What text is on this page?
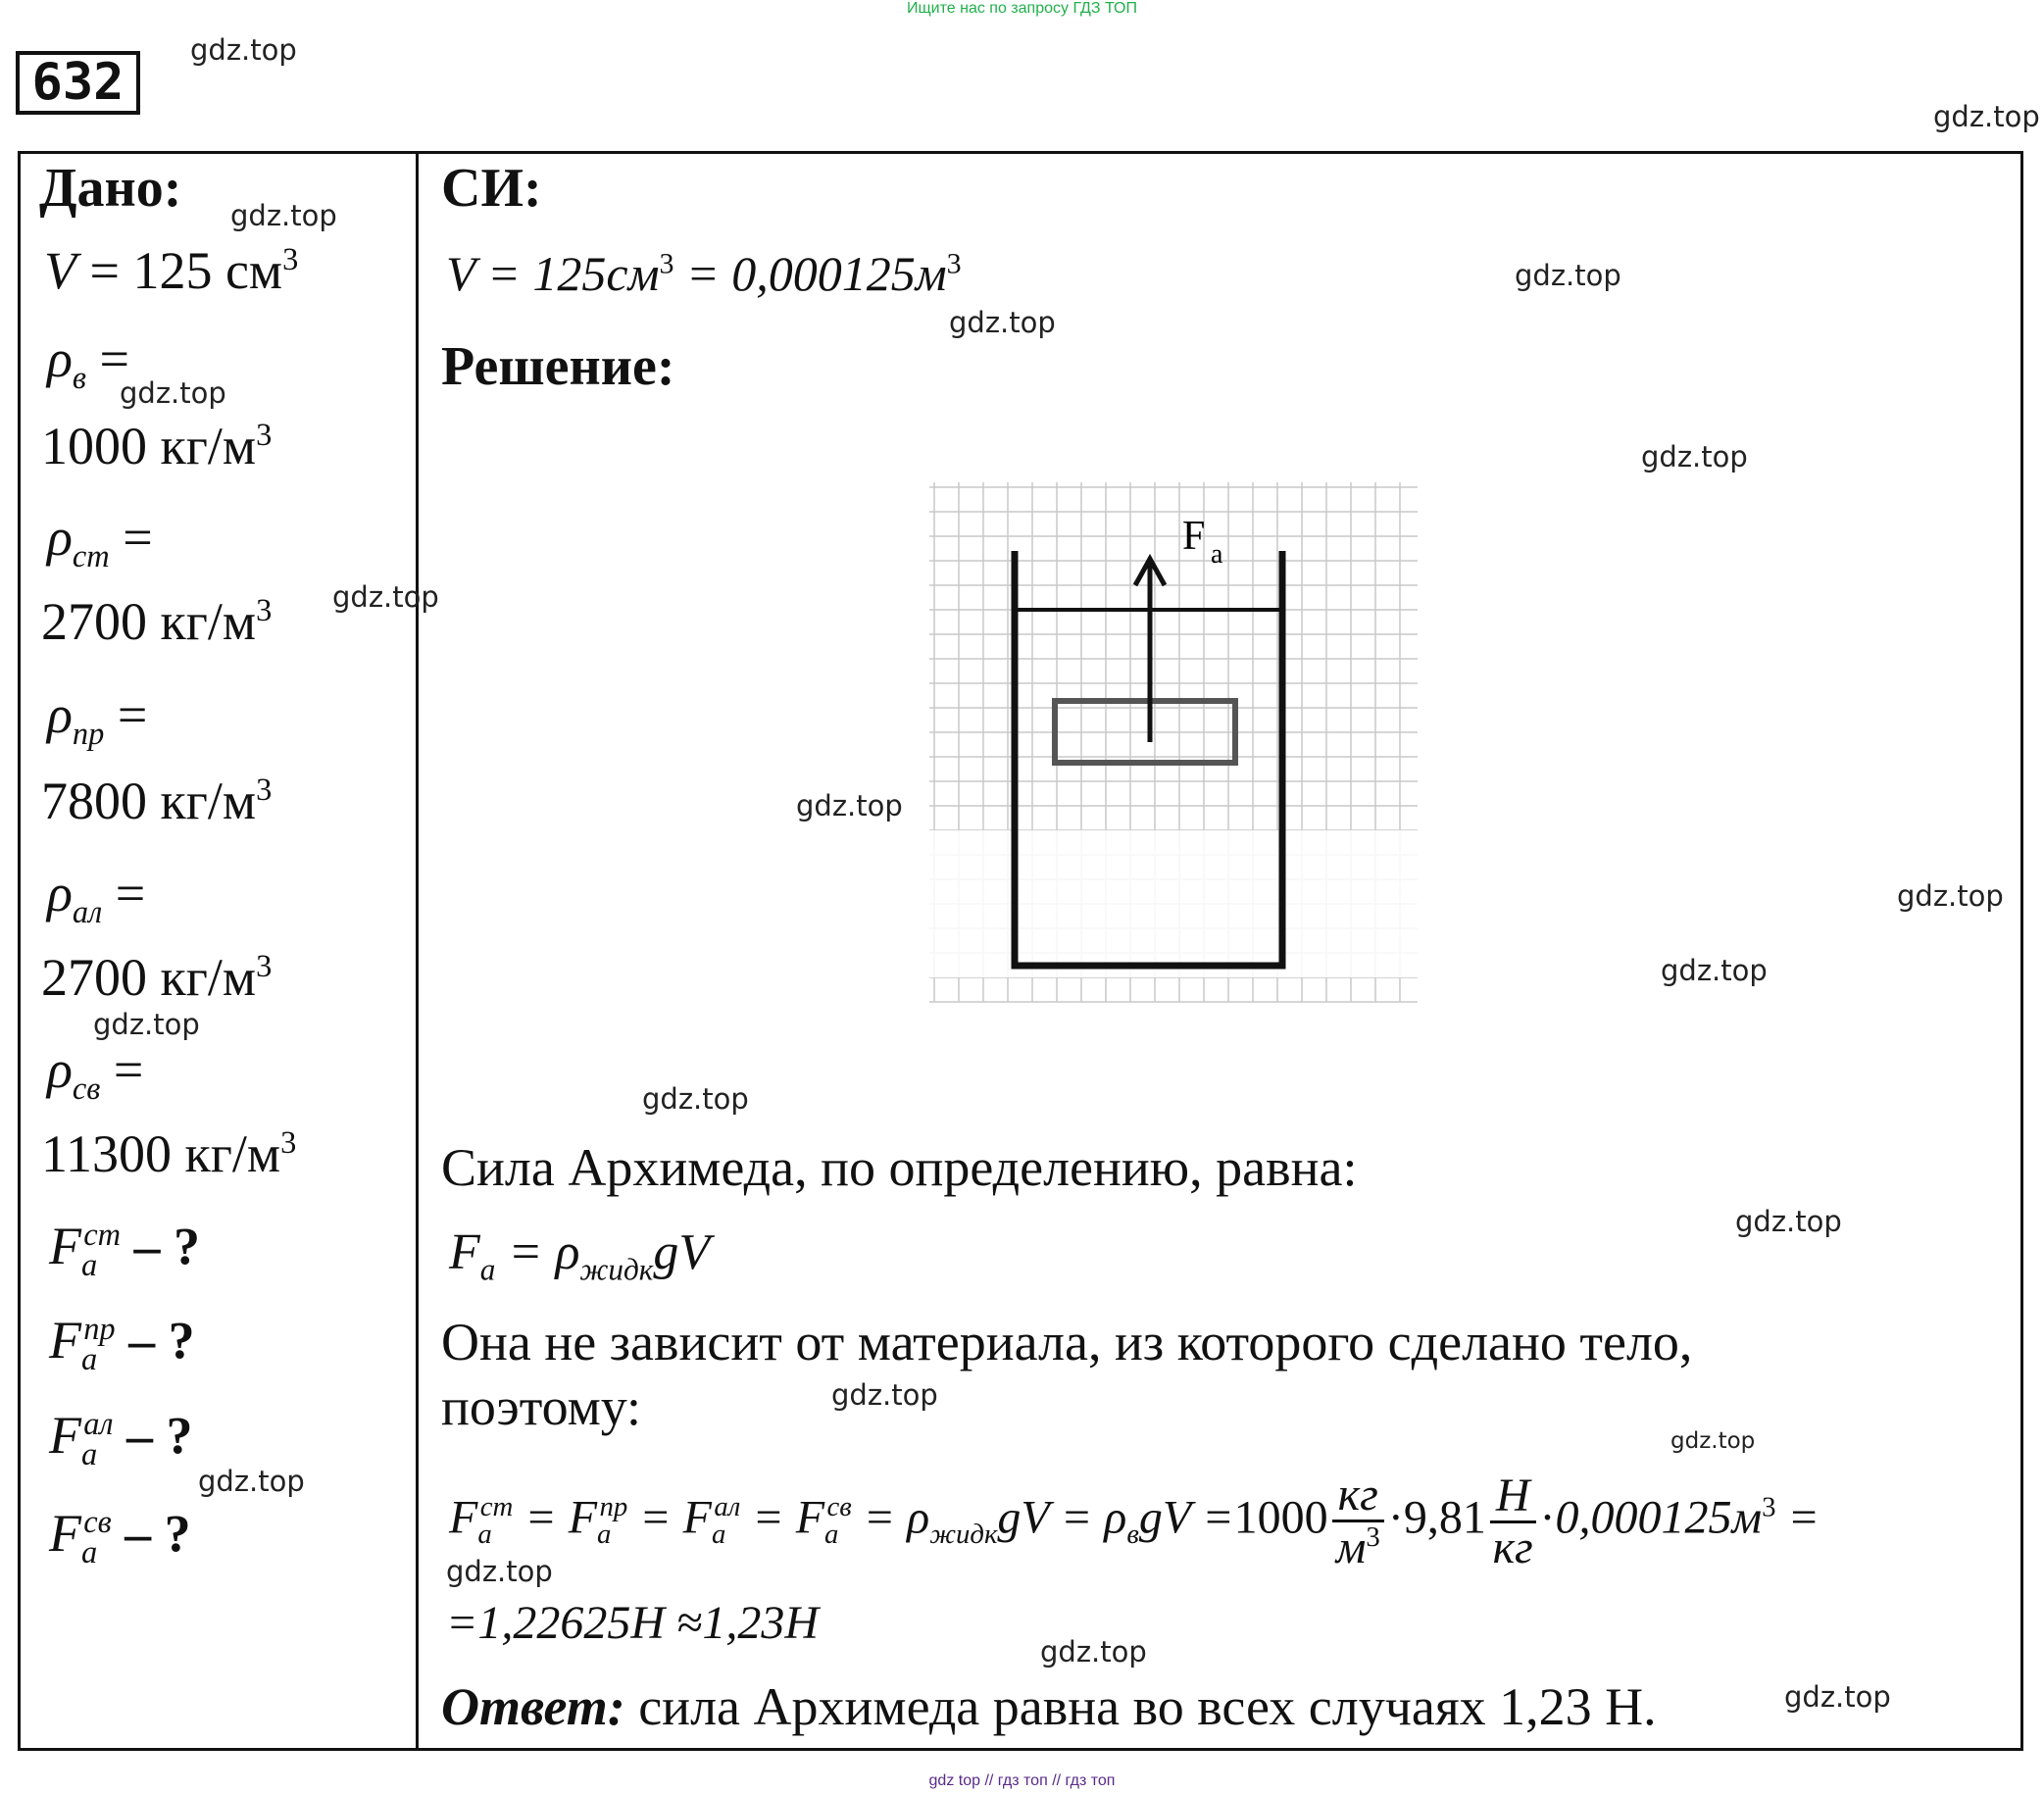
Ищите нас по запросу ГДЗ ТОП
632
Дано:
V = 125 $см^3$
$\rho_в$ =
1000 $кг/м^3$
$\rho_{ст}$ =
2700 $кг/м^3$
$\rho_{пр}$ =
7800 $кг/м^3$
$\rho_{ал}$ =
2700 $кг/м^3$
$\rho_{св}$ =
11300 $кг/м^3$
$F_a^{ст}$ – ?
$F_a^{пр}$ – ?
$F_a^{ал}$ – ?
$F_a^{св}$ – ?
СИ:
$V = 125см^3 = 0,000125м^3$
Решение:
F a
Сила Архимеда, по определению, равна:
$F_a = \rho_{жидк}gV$
Она не зависит от материала, из которого сделано тело,
поэтому:
$F_a^{ст} = F_a^{пр} = F_a^{ал} = F_a^{св} = \rho_{жидк}gV = \rho_вgV =1000 \frac{кг}{м^3} \cdot 9,81 \frac{Н}{кг} \cdot 0,000125м^3$ =
=1,22625Н ≈1,23Н
Ответ: сила Архимеда равна во всех случаях 1,23 Н.
gdz.top
gdz.top
gdz.top
gdz.top
gdz.top
gdz.top
gdz.top
gdz.top
gdz.top
gdz.top
gdz.top
gdz.top
gdz.top
gdz.top
gdz.top
gdz.top
gdz.top
gdz.top
gdz.top
gdz.top
gdz top // гдз топ // гдз топ
